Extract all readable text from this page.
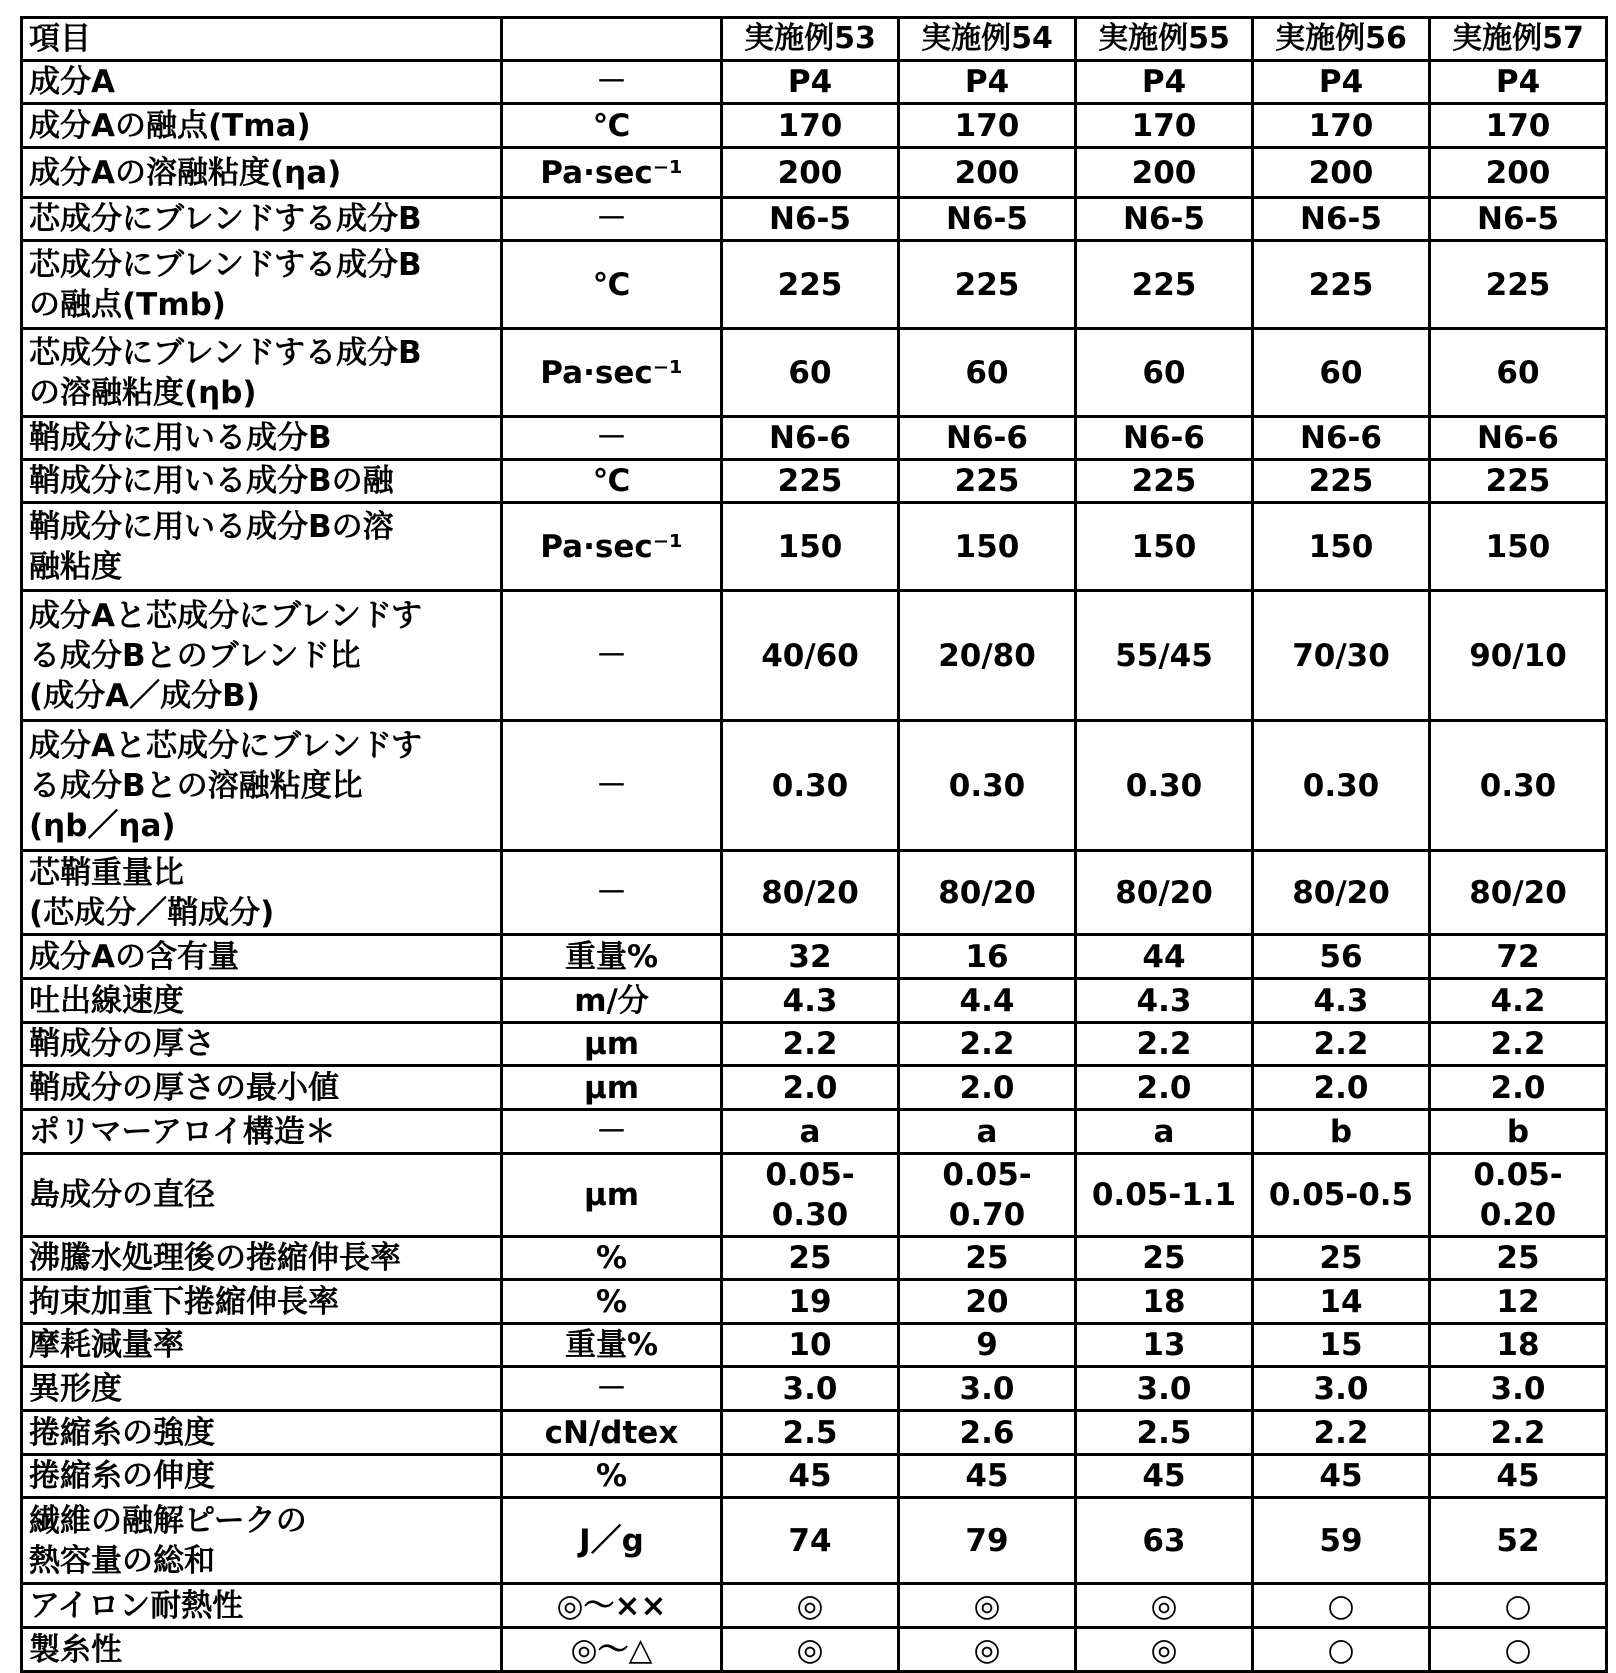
項目		実施例53	実施例54	実施例55	実施例56	実施例57
成分A	－	P4	P4	P4	P4	P4
成分Aの融点(Tma)	℃	170	170	170	170	170
成分Aの溶融粘度(ηa)	Pa·sec⁻¹	200	200	200	200	200
芯成分にブレンドする成分B	－	N6-5	N6-5	N6-5	N6-5	N6-5
芯成分にブレンドする成分B
の融点(Tmb)	℃	225	225	225	225	225
芯成分にブレンドする成分B
の溶融粘度(ηb)	Pa·sec⁻¹	60	60	60	60	60
鞘成分に用いる成分B	－	N6-6	N6-6	N6-6	N6-6	N6-6
鞘成分に用いる成分Bの融	℃	225	225	225	225	225
鞘成分に用いる成分Bの溶
融粘度	Pa·sec⁻¹	150	150	150	150	150
成分Aと芯成分にブレンドす
る成分Bとのブレンド比
(成分A／成分B)	－	40/60	20/80	55/45	70/30	90/10
成分Aと芯成分にブレンドす
る成分Bとの溶融粘度比
(ηb／ηa)	－	0.30	0.30	0.30	0.30	0.30
芯鞘重量比
(芯成分／鞘成分)	－	80/20	80/20	80/20	80/20	80/20
成分Aの含有量	重量%	32	16	44	56	72
吐出線速度	m/分	4.3	4.4	4.3	4.3	4.2
鞘成分の厚さ	μm	2.2	2.2	2.2	2.2	2.2
鞘成分の厚さの最小値	μm	2.0	2.0	2.0	2.0	2.0
ポリマーアロイ構造＊	－	a	a	a	b	b
島成分の直径	μm	0.05-0.30	0.05-0.70	0.05-1.1	0.05-0.5	0.05-0.20
沸騰水処理後の捲縮伸長率	%	25	25	25	25	25
拘束加重下捲縮伸長率	%	19	20	18	14	12
摩耗減量率	重量%	10	9	13	15	18
異形度	－	3.0	3.0	3.0	3.0	3.0
捲縮糸の強度	cN/dtex	2.5	2.6	2.5	2.2	2.2
捲縮糸の伸度	%	45	45	45	45	45
繊維の融解ピークの
熱容量の総和	J／g	74	79	63	59	52
アイロン耐熱性	◎～××	◎	◎	◎	○	○
製糸性	◎～△	◎	◎	◎	○	○
